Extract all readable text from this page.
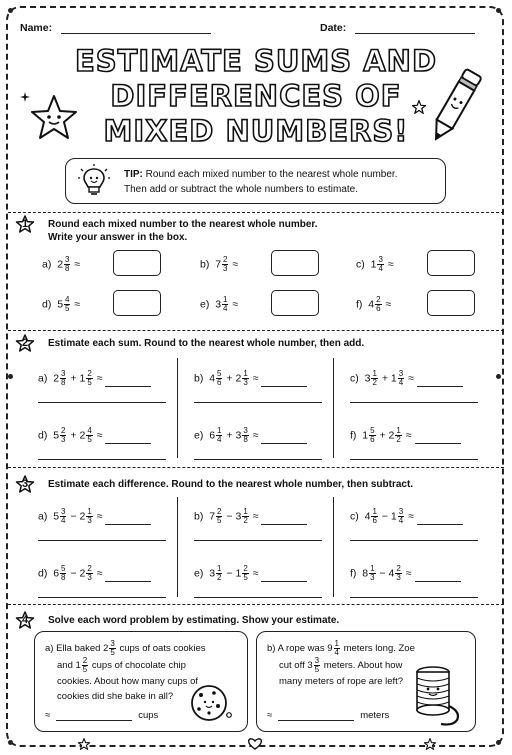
Name:	Date:
ESTIMATE SUMS AND
DIFFERENCES OF
MIXED NUMBERS!
TIP: Round each mixed number to the nearest whole number.
Then add or subtract the whole numbers to estimate.
1	Round each mixed number to the nearest whole number.
Write your answer in the box.
2	Estimate each sum. Round to the nearest whole number, then add.
3	Estimate each difference. Round to the nearest whole number, then subtract.
4	Solve each word problem by estimating. Show your estimate.
a) $2 \frac{3}{8}$ ≈	b) $7 \frac{2}{3}$ ≈	c) $1 \frac{3}{4}$ ≈
d) $5 \frac{4}{5}$ ≈	e) $3 \frac{1}{4}$ ≈	f) $4 \frac{2}{6}$ ≈
a) $2 \frac{3}{8} + 1 \frac{2}{5}$ ≈	b) $4 \frac{5}{6} + 2 \frac{1}{3}$ ≈	c) $3 \frac{1}{2} + 1 \frac{3}{4}$ ≈
d) $5 \frac{2}{3} + 2 \frac{4}{5}$ ≈	e) $6 \frac{1}{4} + 3 \frac{3}{8}$ ≈	f) $1 \frac{5}{6} + 2 \frac{1}{2}$ ≈
a) $5 \frac{3}{4} - 2 \frac{1}{3}$ ≈	b) $7 \frac{2}{5} - 3 \frac{1}{2}$ ≈	c) $4 \frac{1}{6} - 1 \frac{3}{4}$ ≈
d) $6 \frac{5}{8} - 2 \frac{2}{3}$ ≈	e) $3 \frac{1}{2} - 1 \frac{2}{5}$ ≈	f) $8 \frac{1}{3} - 4 \frac{2}{3}$ ≈
a) Ella baked $2 \frac{3}{5}$ cups of oats cookies
and $1 \frac{2}{5}$ cups of chocolate chip
cookies. About how many cups of
cookies did she bake in all?
≈	cups
b) A rope was $9 \frac{1}{4}$ meters long. Zoe
cut off $3 \frac{3}{5}$ meters. About how
many meters of rope are left?
≈	meters
